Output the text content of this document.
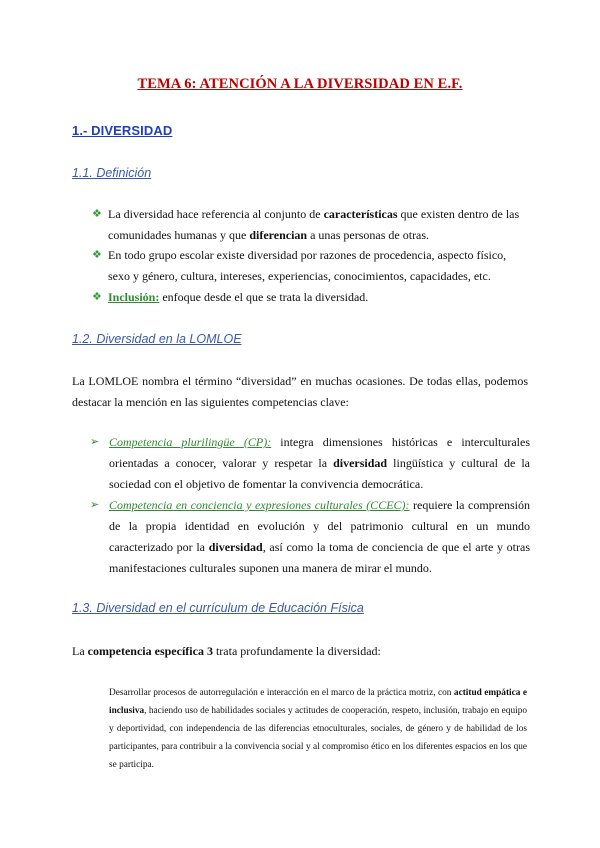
TEMA 6: ATENCIÓN A LA DIVERSIDAD EN E.F.
1.- DIVERSIDAD
1.1. Definición
❖ La diversidad hace referencia al conjunto de características que existen dentro de las comunidades humanas y que diferencian a unas personas de otras.
❖ En todo grupo escolar existe diversidad por razones de procedencia, aspecto físico, sexo y género, cultura, intereses, experiencias, conocimientos, capacidades, etc.
❖ Inclusión: enfoque desde el que se trata la diversidad.
1.2. Diversidad en la LOMLOE
La LOMLOE nombra el término “diversidad” en muchas ocasiones. De todas ellas, podemos destacar la mención en las siguientes competencias clave:
➢ Competencia plurilingüe (CP): integra dimensiones históricas e interculturales orientadas a conocer, valorar y respetar la diversidad lingüística y cultural de la sociedad con el objetivo de fomentar la convivencia democrática.
➢ Competencia en conciencia y expresiones culturales (CCEC): requiere la comprensión de la propia identidad en evolución y del patrimonio cultural en un mundo caracterizado por la diversidad, así como la toma de conciencia de que el arte y otras manifestaciones culturales suponen una manera de mirar el mundo.
1.3. Diversidad en el currículum de Educación Física
La competencia específica 3 trata profundamente la diversidad:
Desarrollar procesos de autorregulación e interacción en el marco de la práctica motriz, con actitud empática e inclusiva, haciendo uso de habilidades sociales y actitudes de cooperación, respeto, inclusión, trabajo en equipo y deportividad, con independencia de las diferencias etnoculturales, sociales, de género y de habilidad de los participantes, para contribuir a la convivencia social y al compromiso ético en los diferentes espacios en los que se participa.
